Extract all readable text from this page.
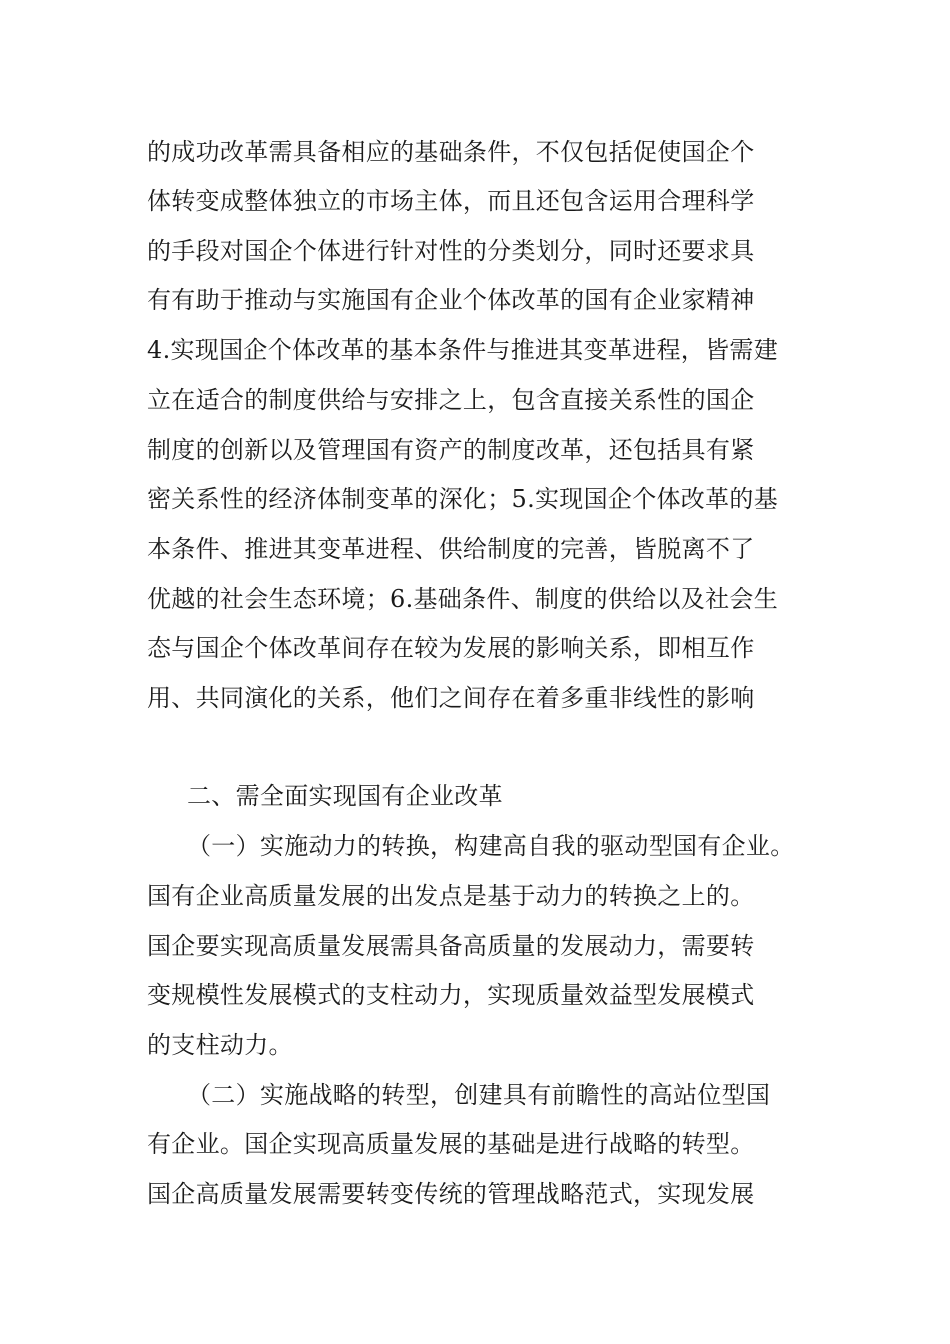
的成功改革需具备相应的基础条件，不仅包括促使国企个
体转变成整体独立的市场主体，而且还包含运用合理科学
的手段对国企个体进行针对性的分类划分，同时还要求具
有有助于推动与实施国有企业个体改革的国有企业家精神
4.实现国企个体改革的基本条件与推进其变革进程，皆需建
立在适合的制度供给与安排之上，包含直接关系性的国企
制度的创新以及管理国有资产的制度改革，还包括具有紧
密关系性的经济体制变革的深化；5.实现国企个体改革的基
本条件、推进其变革进程、供给制度的完善，皆脱离不了
优越的社会生态环境；6.基础条件、制度的供给以及社会生
态与国企个体改革间存在较为发展的影响关系，即相互作
用、共同演化的关系，他们之间存在着多重非线性的影响
二、需全面实现国有企业改革
（一）实施动力的转换，构建高自我的驱动型国有企业。
国有企业高质量发展的出发点是基于动力的转换之上的。
国企要实现高质量发展需具备高质量的发展动力，需要转
变规模性发展模式的支柱动力，实现质量效益型发展模式
的支柱动力。
（二）实施战略的转型，创建具有前瞻性的高站位型国
有企业。国企实现高质量发展的基础是进行战略的转型。
国企高质量发展需要转变传统的管理战略范式，实现发展
